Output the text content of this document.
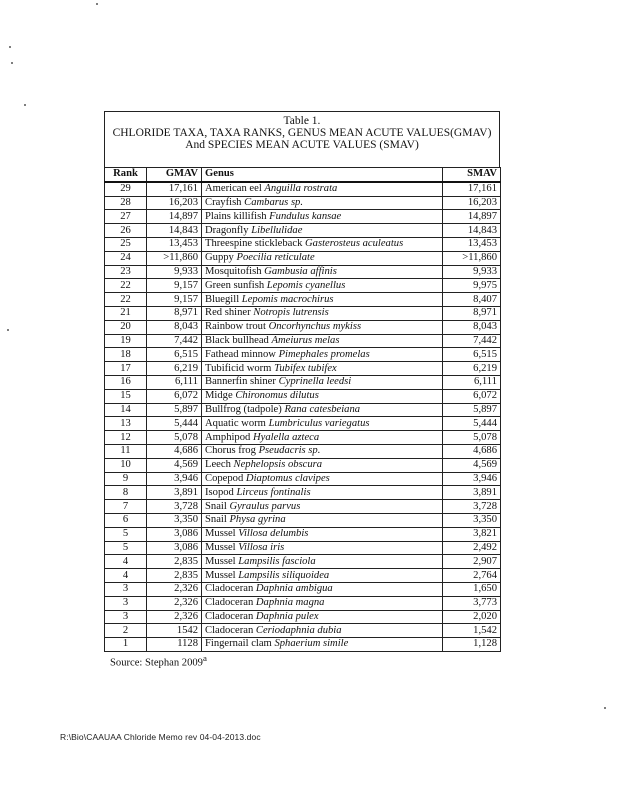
Table 1.
CHLORIDE TAXA, TAXA RANKS, GENUS MEAN ACUTE VALUES(GMAV)
And SPECIES MEAN ACUTE VALUES (SMAV)
Rank	GMAV	Genus	SMAV
29	17,161	American eel Anguilla rostrata	17,161
28	16,203	Crayfish Cambarus sp.	16,203
27	14,897	Plains killifish Fundulus kansae	14,897
26	14,843	Dragonfly Libellulidae	14,843
25	13,453	Threespine stickleback Gasterosteus aculeatus	13,453
24	>11,860	Guppy Poecilia reticulate	>11,860
23	9,933	Mosquitofish Gambusia affinis	9,933
22	9,157	Green sunfish Lepomis cyanellus	9,975
22	9,157	Bluegill Lepomis macrochirus	8,407
21	8,971	Red shiner Notropis lutrensis	8,971
20	8,043	Rainbow trout Oncorhynchus mykiss	8,043
19	7,442	Black bullhead Ameiurus melas	7,442
18	6,515	Fathead minnow Pimephales promelas	6,515
17	6,219	Tubificid worm Tubifex tubifex	6,219
16	6,111	Bannerfin shiner Cyprinella leedsi	6,111
15	6,072	Midge Chironomus dilutus	6,072
14	5,897	Bullfrog (tadpole) Rana catesbeiana	5,897
13	5,444	Aquatic worm Lumbriculus variegatus	5,444
12	5,078	Amphipod Hyalella azteca	5,078
11	4,686	Chorus frog Pseudacris sp.	4,686
10	4,569	Leech Nephelopsis obscura	4,569
9	3,946	Copepod Diaptomus clavipes	3,946
8	3,891	Isopod Lirceus fontinalis	3,891
7	3,728	Snail Gyraulus parvus	3,728
6	3,350	Snail Physa gyrina	3,350
5	3,086	Mussel Villosa delumbis	3,821
5	3,086	Mussel Villosa iris	2,492
4	2,835	Mussel Lampsilis fasciola	2,907
4	2,835	Mussel Lampsilis siliquoidea	2,764
3	2,326	Cladoceran Daphnia ambigua	1,650
3	2,326	Cladoceran Daphnia magna	3,773
3	2,326	Cladoceran Daphnia pulex	2,020
2	1542	Cladoceran Ceriodaphnia dubia	1,542
1	1128	Fingernail clam Sphaerium simile	1,128
Source: Stephan 2009$^a$
R:\Bio\CAAUAA Chloride Memo rev 04-04-2013.doc
